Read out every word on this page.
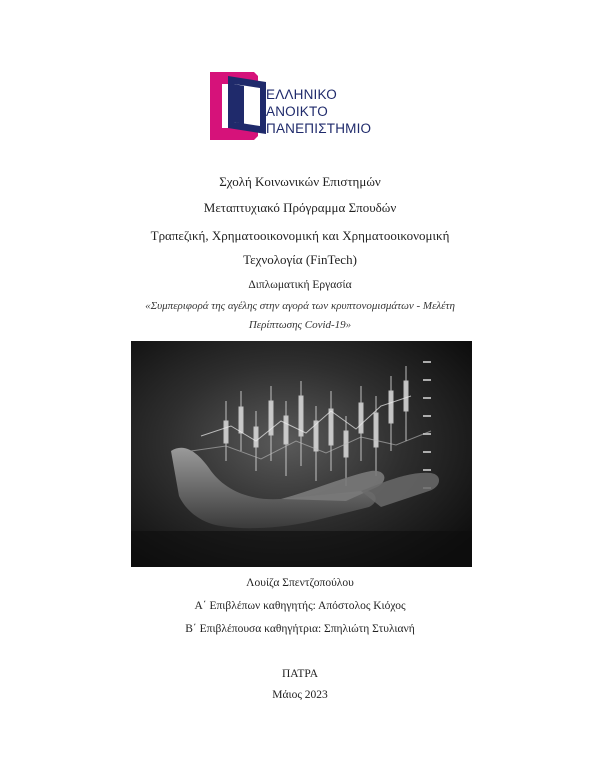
ΕΛΛΗΝΙΚΟ
ΑΝΟΙΚΤΟ
ΠΑΝΕΠΙΣΤΗΜΙΟ
Σχολή Κοινωνικών Επιστημών
Μεταπτυχιακό Πρόγραμμα Σπουδών
Τραπεζική, Χρηματοοικονομική και Χρηματοοικονομική
Τεχνολογία (FinTech)
Διπλωματική Εργασία
«Συμπεριφορά της αγέλης στην αγορά των κρυπτονομισμάτων - Μελέτη
Περίπτωσης Covid-19»
Λουίζα Σπεντζοπούλου
Α΄ Επιβλέπων καθηγητής: Απόστολος Κιόχος
Β΄ Επιβλέπουσα καθηγήτρια: Σπηλιώτη Στυλιανή
ΠΑΤΡΑ
Μάιος 2023
